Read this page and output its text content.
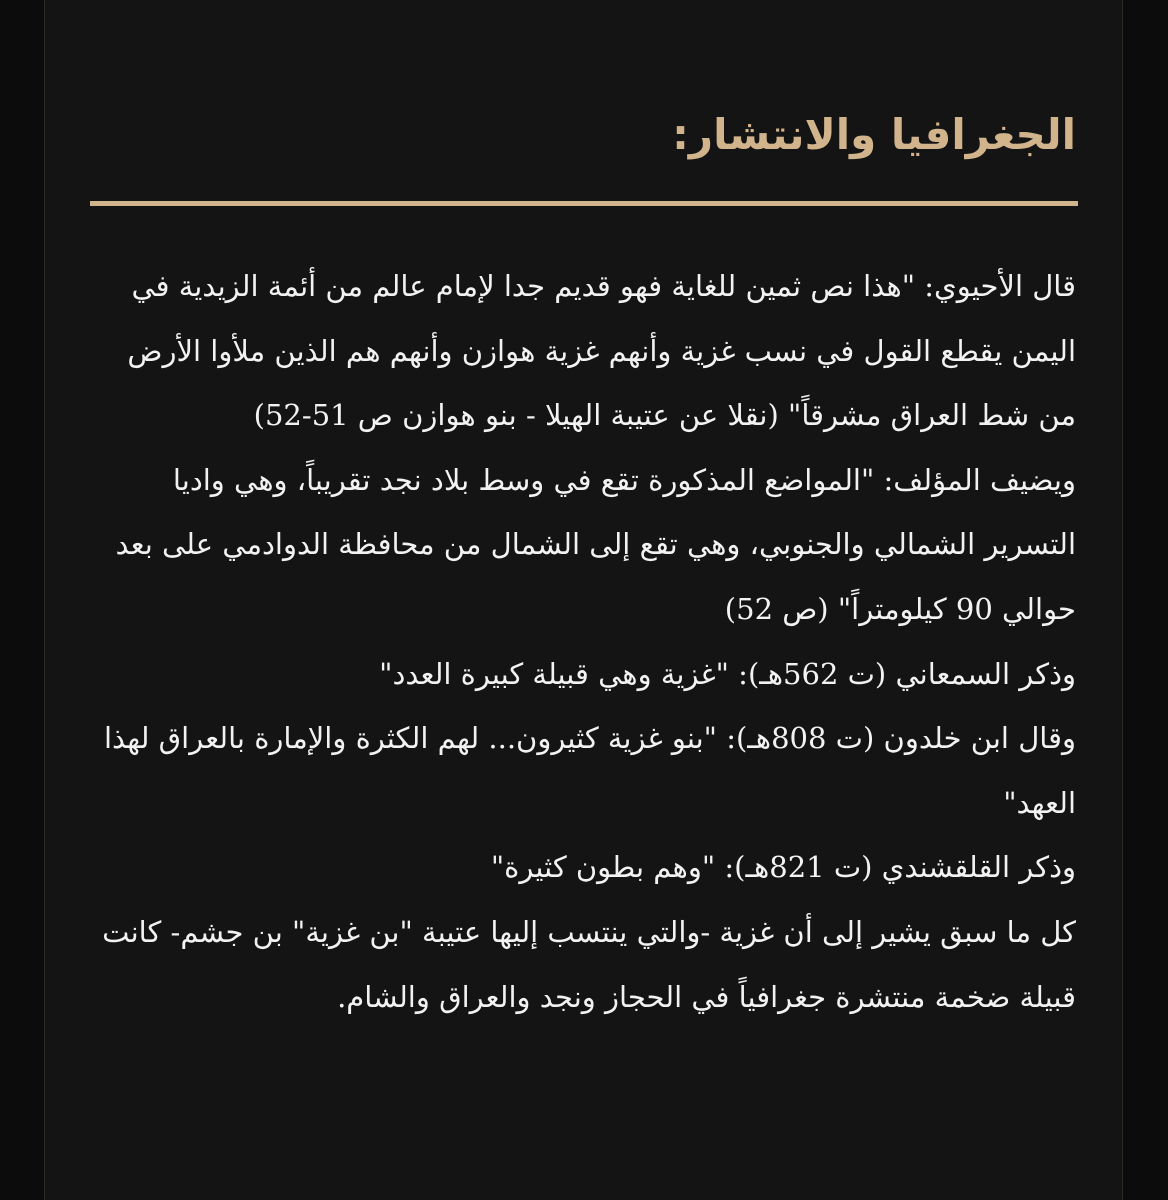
الجغرافيا والانتشار:

قال الأحيوي: "هذا نص ثمين للغاية فهو قديم جدا لإمام عالم من أئمة الزيدية في اليمن يقطع القول في نسب غزية وأنهم غزية هوازن وأنهم هم الذين ملأوا الأرض من شط العراق مشرقاً" (نقلا عن عتيبة الهيلا - بنو هوازن ص 51-52)

ويضيف المؤلف: "المواضع المذكورة تقع في وسط بلاد نجد تقريباً، وهي واديا التسرير الشمالي والجنوبي، وهي تقع إلى الشمال من محافظة الدوادمي على بعد حوالي 90 كيلومتراً" (ص 52)

وذكر السمعاني (ت 562هـ): "غزية وهي قبيلة كبيرة العدد"

وقال ابن خلدون (ت 808هـ): "بنو غزية كثيرون... لهم الكثرة والإمارة بالعراق لهذا العهد"

وذكر القلقشندي (ت 821هـ): "وهم بطون كثيرة"

كل ما سبق يشير إلى أن غزية -والتي ينتسب إليها عتيبة "بن غزية" بن جشم- كانت قبيلة ضخمة منتشرة جغرافياً في الحجاز ونجد والعراق والشام.
